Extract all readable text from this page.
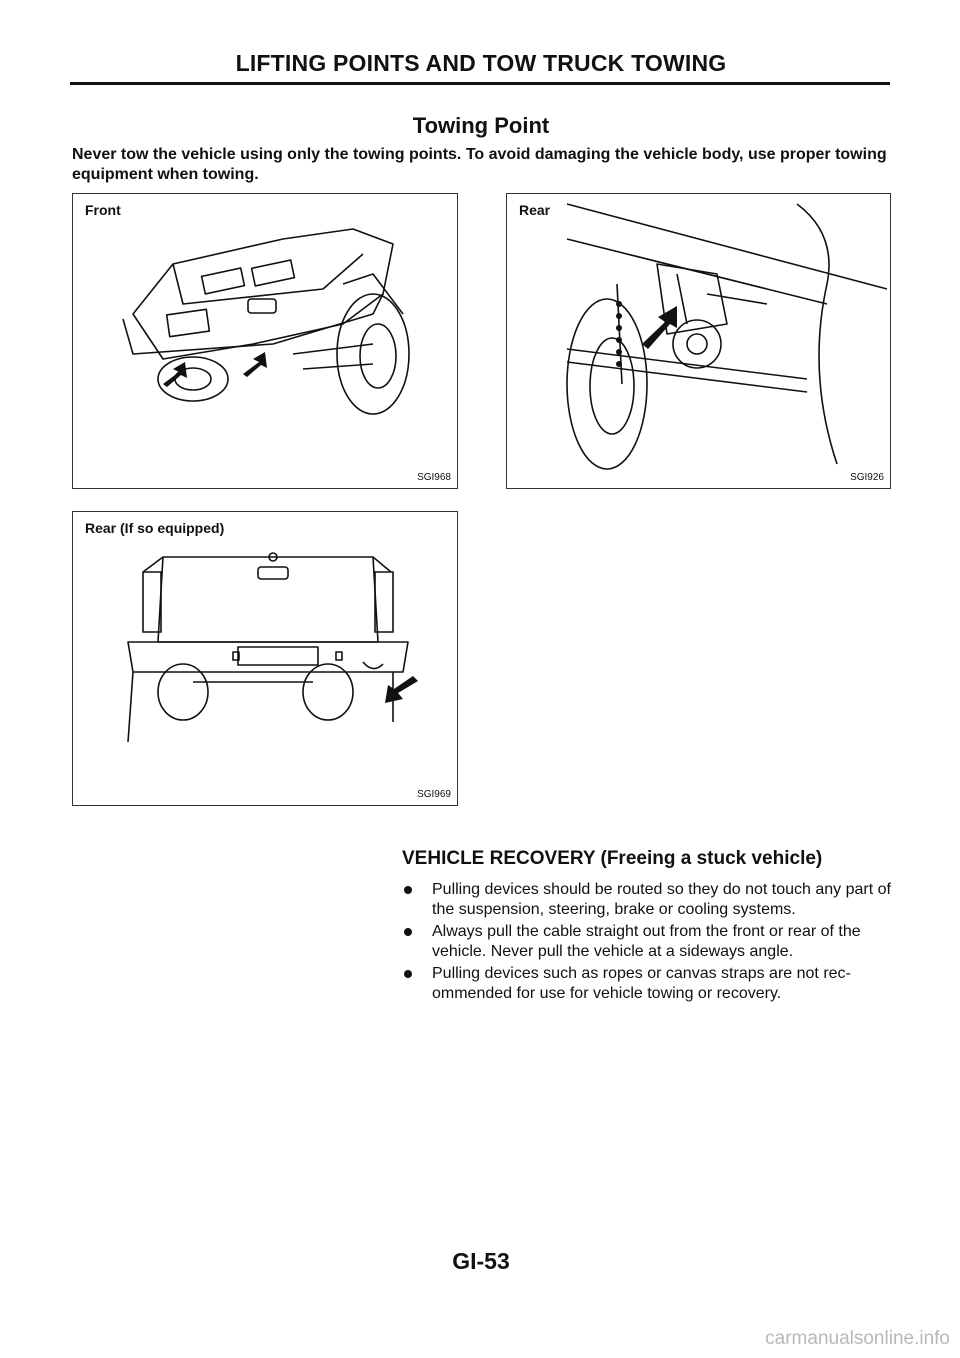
LIFTING POINTS AND TOW TRUCK TOWING
Towing Point
Never tow the vehicle using only the towing points. To avoid damaging the vehicle body, use proper towing equipment when towing.
Front
SGI968
Rear
SGI926
Rear (If so equipped)
SGI969
VEHICLE RECOVERY (Freeing a stuck vehicle)
Pulling devices should be routed so they do not touch any part of the suspension, steering, brake or cooling systems.
Always pull the cable straight out from the front or rear of the vehicle. Never pull the vehicle at a sideways angle.
Pulling devices such as ropes or canvas straps are not rec-ommended for use for vehicle towing or recovery.
GI-53
carmanualsonline.info
